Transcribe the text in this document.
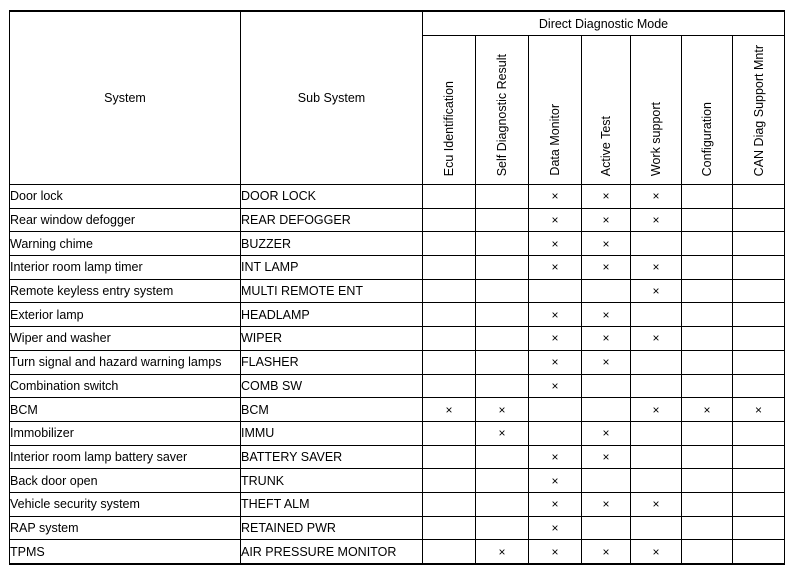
System	Sub System	Direct Diagnostic Mode						

		Ecu Identification	Self Diagnostic Result	Data Monitor	Active Test	Work support	Configuration	CAN Diag Support Mntr

Door lock	DOOR LOCK			×	×	×		
Rear window defogger	REAR DEFOGGER			×	×	×		
Warning chime	BUZZER			×	×			
Interior room lamp timer	INT LAMP			×	×	×		
Remote keyless entry system	MULTI REMOTE ENT					×		
Exterior lamp	HEADLAMP			×	×			
Wiper and washer	WIPER			×	×	×		
Turn signal and hazard warning lamps	FLASHER			×	×			
Combination switch	COMB SW			×				
BCM	BCM	×	×			×	×	×
Immobilizer	IMMU		×		×			
Interior room lamp battery saver	BATTERY SAVER			×	×			
Back door open	TRUNK			×				
Vehicle security system	THEFT ALM			×	×	×		
RAP system	RETAINED PWR			×				
TPMS	AIR PRESSURE MONITOR		×	×	×	×		
